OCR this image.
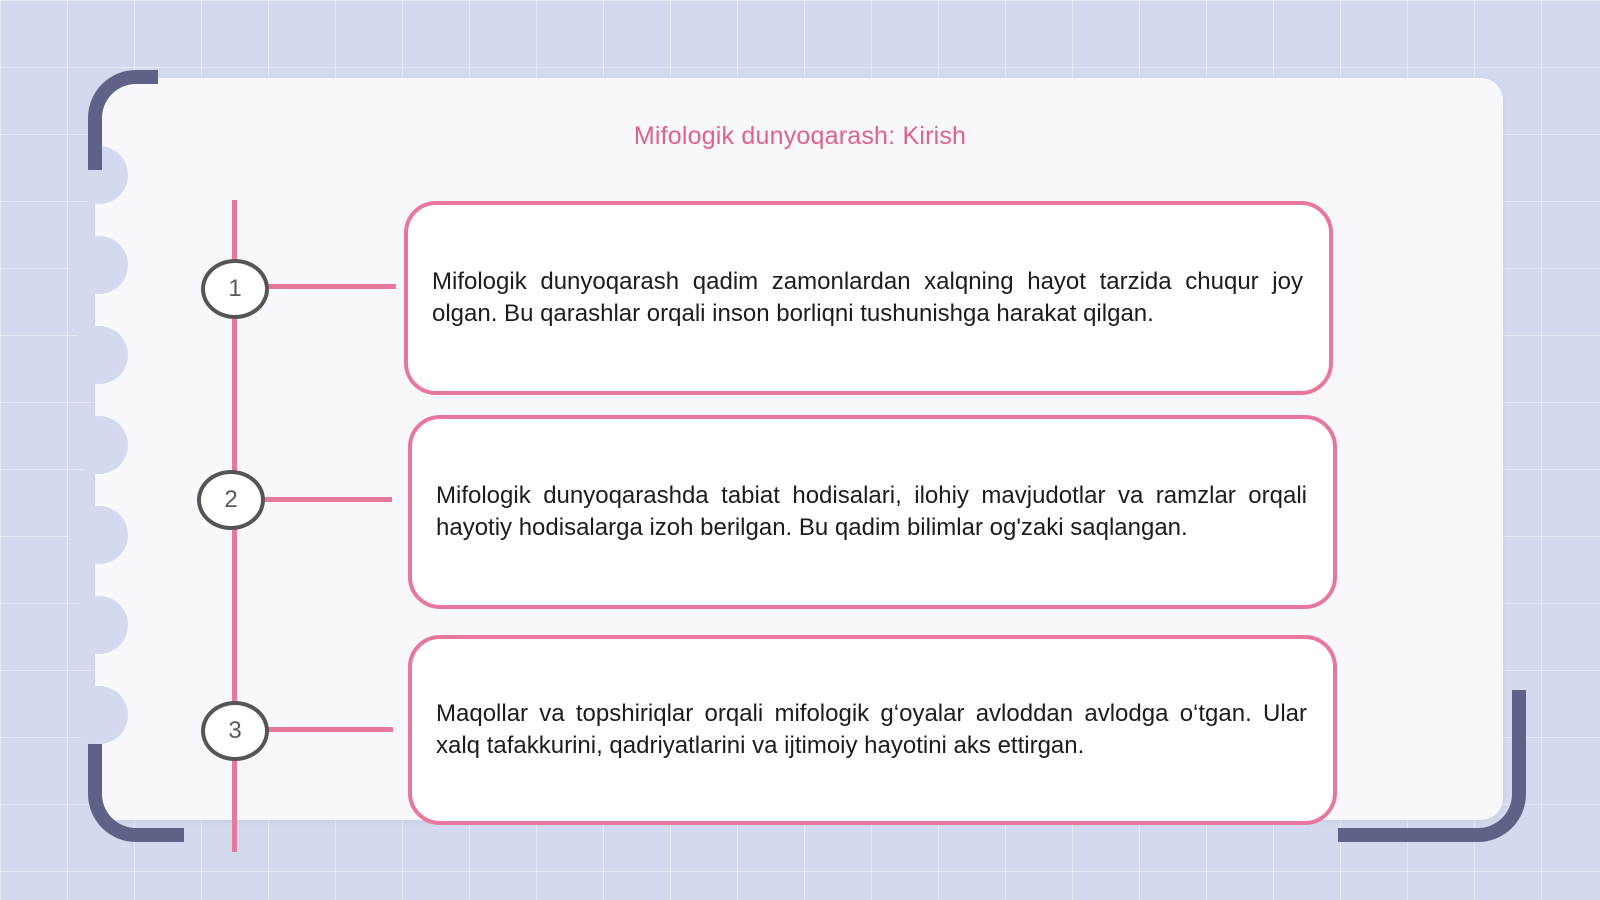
Mifologik dunyoqarash: Kirish
1
2
3
Mifologik dunyoqarash qadim zamonlardan xalqning hayot tarzida chuqur joy olgan. Bu qarashlar orqali inson borliqni tushunishga harakat qilgan.
Mifologik dunyoqarashda tabiat hodisalari, ilohiy mavjudotlar va ramzlar orqali hayotiy hodisalarga izoh berilgan. Bu qadim bilimlar og'zaki saqlangan.
Maqollar va topshiriqlar orqali mifologik g‘oyalar avloddan avlodga o‘tgan. Ular xalq tafakkurini, qadriyatlarini va ijtimoiy hayotini aks ettirgan.
